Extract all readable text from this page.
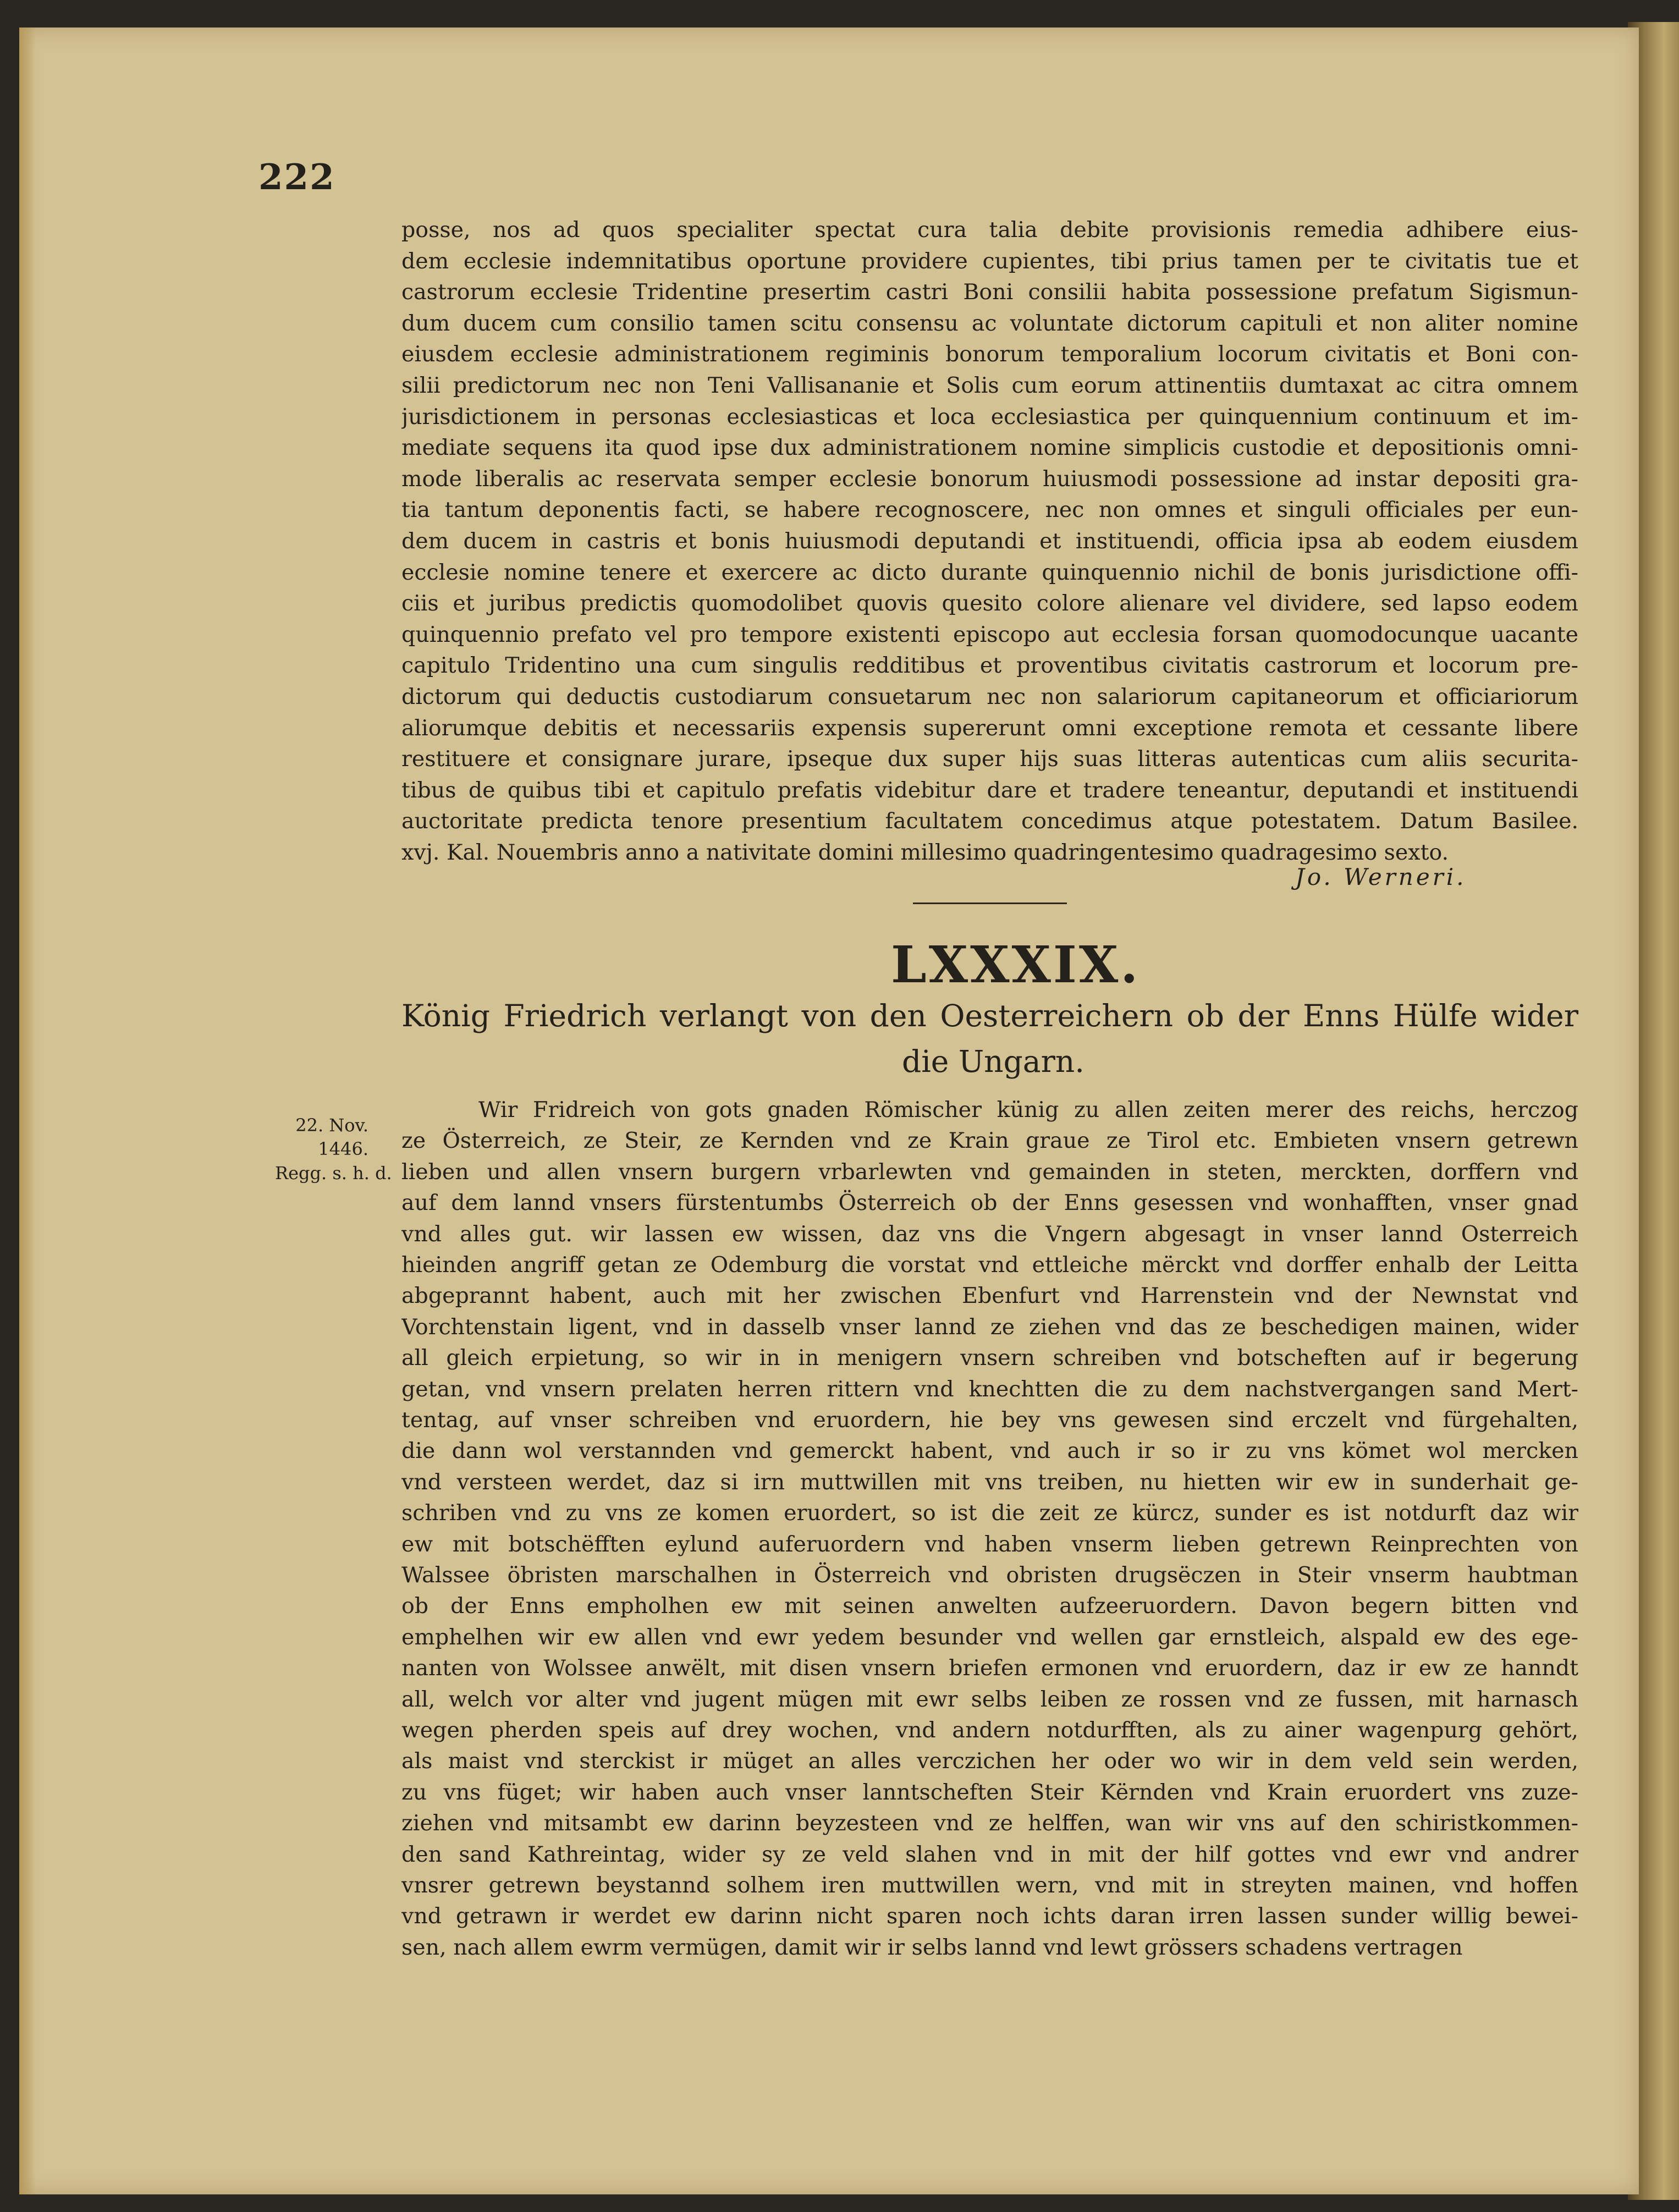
222
posse, nos ad quos specialiter spectat cura talia debite provisionis remedia adhibere eius-
dem ecclesie indemnitatibus oportune providere cupientes, tibi prius tamen per te civitatis tue et
castrorum ecclesie Tridentine presertim castri Boni consilii habita possessione prefatum Sigismun-
dum ducem cum consilio tamen scitu consensu ac voluntate dictorum capituli et non aliter nomine
eiusdem ecclesie administrationem regiminis bonorum temporalium locorum civitatis et Boni con-
silii predictorum nec non Teni Vallisananie et Solis cum eorum attinentiis dumtaxat ac citra omnem
jurisdictionem in personas ecclesiasticas et loca ecclesiastica per quinquennium continuum et im-
mediate sequens ita quod ipse dux administrationem nomine simplicis custodie et depositionis omni-
mode liberalis ac reservata semper ecclesie bonorum huiusmodi possessione ad instar depositi gra-
tia tantum deponentis facti, se habere recognoscere, nec non omnes et singuli officiales per eun-
dem ducem in castris et bonis huiusmodi deputandi et instituendi, officia ipsa ab eodem eiusdem
ecclesie nomine tenere et exercere ac dicto durante quinquennio nichil de bonis jurisdictione offi-
ciis et juribus predictis quomodolibet quovis quesito colore alienare vel dividere, sed lapso eodem
quinquennio prefato vel pro tempore existenti episcopo aut ecclesia forsan quomodocunque uacante
capitulo Tridentino una cum singulis redditibus et proventibus civitatis castrorum et locorum pre-
dictorum qui deductis custodiarum consuetarum nec non salariorum capitaneorum et officiariorum
aliorumque debitis et necessariis expensis supererunt omni exceptione remota et cessante libere
restituere et consignare jurare, ipseque dux super hijs suas litteras autenticas cum aliis securita-
tibus de quibus tibi et capitulo prefatis videbitur dare et tradere teneantur, deputandi et instituendi
auctoritate predicta tenore presentium facultatem concedimus atque potestatem. Datum Basilee.
xvj. Kal. Nouembris anno a nativitate domini millesimo quadringentesimo quadragesimo sexto.
Jo. Werneri.
LXXXIX.
König Friedrich verlangt von den Oesterreichern ob der Enns Hülfe wider
die Ungarn.
22. Nov.
1446.
Regg. s. h. d.
Wir Fridreich von gots gnaden Römischer künig zu allen zeiten merer des reichs, herczog
ze Österreich, ze Steir, ze Kernden vnd ze Krain graue ze Tirol etc. Embieten vnsern getrewn
lieben und allen vnsern burgern vrbarlewten vnd gemainden in steten, merckten, dorffern vnd
auf dem lannd vnsers fürstentumbs Österreich ob der Enns gesessen vnd wonhafften, vnser gnad
vnd alles gut. wir lassen ew wissen, daz vns die Vngern abgesagt in vnser lannd Osterreich
hieinden angriff getan ze Odemburg die vorstat vnd ettleiche mërckt vnd dorffer enhalb der Leitta
abgeprannt habent, auch mit her zwischen Ebenfurt vnd Harrenstein vnd der Newnstat vnd
Vorchtenstain ligent, vnd in dasselb vnser lannd ze ziehen vnd das ze beschedigen mainen, wider
all gleich erpietung, so wir in in menigern vnsern schreiben vnd botscheften auf ir begerung
getan, vnd vnsern prelaten herren rittern vnd knechtten die zu dem nachstvergangen sand Mert-
tentag, auf vnser schreiben vnd eruordern, hie bey vns gewesen sind erczelt vnd fürgehalten,
die dann wol verstannden vnd gemerckt habent, vnd auch ir so ir zu vns kömet wol mercken
vnd versteen werdet, daz si irn muttwillen mit vns treiben, nu hietten wir ew in sunderhait ge-
schriben vnd zu vns ze komen eruordert, so ist die zeit ze kürcz, sunder es ist notdurft daz wir
ew mit botschëfften eylund auferuordern vnd haben vnserm lieben getrewn Reinprechten von
Walssee öbristen marschalhen in Österreich vnd obristen drugsëczen in Steir vnserm haubtman
ob der Enns empholhen ew mit seinen anwelten aufzeeruordern. Davon begern bitten vnd
emphelhen wir ew allen vnd ewr yedem besunder vnd wellen gar ernstleich, alspald ew des ege-
nanten von Wolssee anwëlt, mit disen vnsern briefen ermonen vnd eruordern, daz ir ew ze hanndt
all, welch vor alter vnd jugent mügen mit ewr selbs leiben ze rossen vnd ze fussen, mit harnasch
wegen pherden speis auf drey wochen, vnd andern notdurfften, als zu ainer wagenpurg gehört,
als maist vnd sterckist ir müget an alles verczichen her oder wo wir in dem veld sein werden,
zu vns füget; wir haben auch vnser lanntscheften Steir Kërnden vnd Krain eruordert vns zuze-
ziehen vnd mitsambt ew darinn beyzesteen vnd ze helffen, wan wir vns auf den schiristkommen-
den sand Kathreintag, wider sy ze veld slahen vnd in mit der hilf gottes vnd ewr vnd andrer
vnsrer getrewn beystannd solhem iren muttwillen wern, vnd mit in streyten mainen, vnd hoffen
vnd getrawn ir werdet ew darinn nicht sparen noch ichts daran irren lassen sunder willig bewei-
sen, nach allem ewrm vermügen, damit wir ir selbs lannd vnd lewt grössers schadens vertragen
